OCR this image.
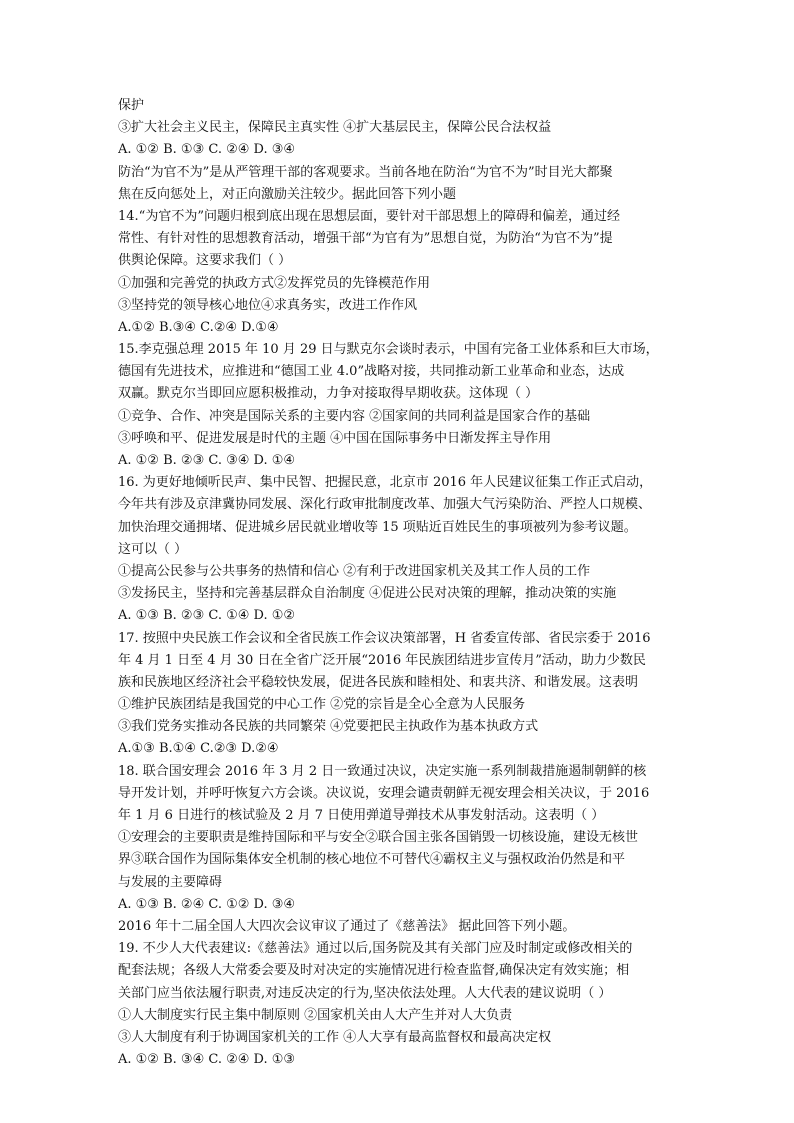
保护
③扩大社会主义民主，保障民主真实性 ④扩大基层民主，保障公民合法权益
A. ①② B. ①③ C. ②④ D. ③④
防治“为官不为”是从严管理干部的客观要求。当前各地在防治“为官不为”时目光大都聚
焦在反向惩处上，对正向激励关注较少。据此回答下列小题
14.“为官不为”问题归根到底出现在思想层面，要针对干部思想上的障碍和偏差，通过经
常性、有针对性的思想教育活动，增强干部“为官有为”思想自觉，为防治“为官不为”提
供舆论保障。这要求我们（ ）
①加强和完善党的执政方式②发挥党员的先锋模范作用
③坚持党的领导核心地位④求真务实，改进工作作风
A.①② B.③④ C.②④ D.①④
15.李克强总理 2015 年 10 月 29 日与默克尔会谈时表示，中国有完备工业体系和巨大市场，
德国有先进技术，应推进和“德国工业 4.0”战略对接，共同推动新工业革命和业态，达成
双赢。默克尔当即回应愿积极推动，力争对接取得早期收获。这体现（ ）
①竞争、合作、冲突是国际关系的主要内容 ②国家间的共同利益是国家合作的基础
③呼唤和平、促进发展是时代的主题 ④中国在国际事务中日渐发挥主导作用
A. ①② B. ②③ C. ③④ D. ①④
16. 为更好地倾听民声、集中民智、把握民意，北京市 2016 年人民建议征集工作正式启动，
今年共有涉及京津冀协同发展、深化行政审批制度改革、加强大气污染防治、严控人口规模、
加快治理交通拥堵、促进城乡居民就业增收等 15 项贴近百姓民生的事项被列为参考议题。
这可以（ ）
①提高公民参与公共事务的热情和信心 ②有利于改进国家机关及其工作人员的工作
③发扬民主，坚持和完善基层群众自治制度 ④促进公民对决策的理解，推动决策的实施
A. ①③ B. ②③ C. ①④ D. ①②
17. 按照中央民族工作会议和全省民族工作会议决策部署，H 省委宣传部、省民宗委于 2016
年 4 月 1 日至 4 月 30 日在全省广泛开展“2016 年民族团结进步宣传月”活动，助力少数民
族和民族地区经济社会平稳较快发展，促进各民族和睦相处、和衷共济、和谐发展。这表明
①维护民族团结是我国党的中心工作 ②党的宗旨是全心全意为人民服务
③我们党务实推动各民族的共同繁荣 ④党要把民主执政作为基本执政方式
A.①③ B.①④ C.②③ D.②④
18. 联合国安理会 2016 年 3 月 2 日一致通过决议，决定实施一系列制裁措施遏制朝鲜的核
导开发计划，并呼吁恢复六方会谈。决议说，安理会谴责朝鲜无视安理会相关决议，于 2016
年 1 月 6 日进行的核试验及 2 月 7 日使用弹道导弹技术从事发射活动。这表明（ ）
①安理会的主要职责是维持国际和平与安全②联合国主张各国销毁一切核设施，建设无核世
界③联合国作为国际集体安全机制的核心地位不可替代④霸权主义与强权政治仍然是和平
与发展的主要障碍
A. ①③ B. ②④ C. ①② D. ③④
2016 年十二届全国人大四次会议审议了通过了《慈善法》 据此回答下列小题。
19. 不少人大代表建议:《慈善法》通过以后,国务院及其有关部门应及时制定或修改相关的
配套法规；各级人大常委会要及时对决定的实施情况进行检查监督,确保决定有效实施；相
关部门应当依法履行职责,对违反决定的行为,坚决依法处理。人大代表的建议说明（ ）
①人大制度实行民主集中制原则 ②国家机关由人大产生并对人大负责
③人大制度有利于协调国家机关的工作 ④人大享有最高监督权和最高决定权
A. ①② B. ③④ C. ②④ D. ①③
